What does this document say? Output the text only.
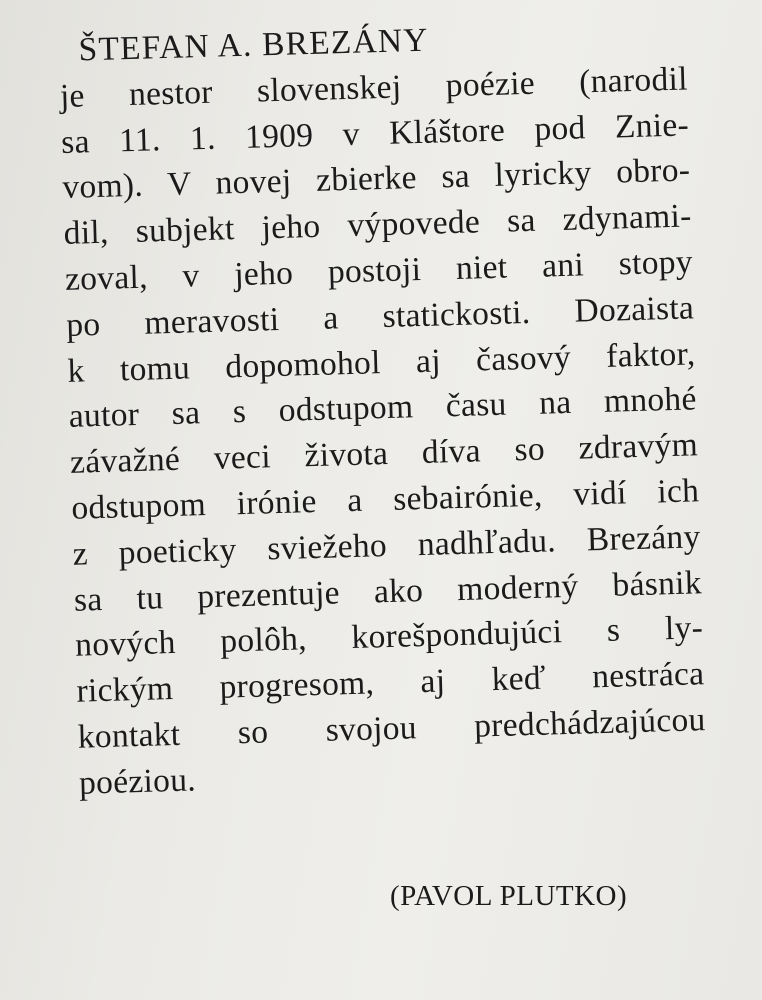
ŠTEFAN A. BREZÁNY
je nestor slovenskej poézie (narodil
sa 11. 1. 1909 v Kláštore pod Znie-
vom). V novej zbierke sa lyricky obro-
dil, subjekt jeho výpovede sa zdynami-
zoval, v jeho postoji niet ani stopy
po meravosti a statickosti. Dozaista
k tomu dopomohol aj časový faktor,
autor sa s odstupom času na mnohé
závažné veci života díva so zdravým
odstupom irónie a sebairónie, vidí ich
z poeticky sviežeho nadhľadu. Brezány
sa tu prezentuje ako moderný básnik
nových polôh, korešpondujúci s ly-
rickým progresom, aj keď nestráca
kontakt so svojou predchádzajúcou
poéziou.
(PAVOL PLUTKO)
